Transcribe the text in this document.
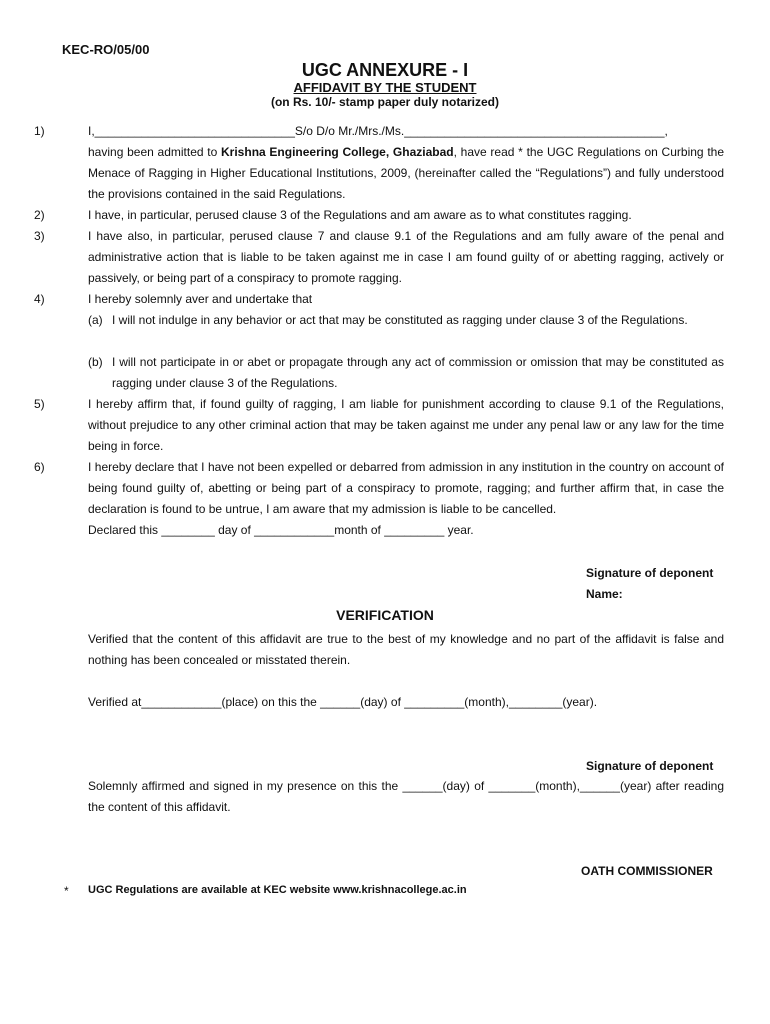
KEC-RO/05/00
UGC ANNEXURE - I
AFFIDAVIT BY THE STUDENT
(on Rs. 10/- stamp paper duly notarized)
1)	I,______________________________S/o D/o Mr./Mrs./Ms._______________________________________,
having been admitted to Krishna Engineering College, Ghaziabad, have read * the UGC Regulations on Curbing the Menace of Ragging in Higher Educational Institutions, 2009, (hereinafter called the “Regulations”) and fully understood the provisions contained in the said Regulations.
2)	I have, in particular, perused clause 3 of the Regulations and am aware as to what constitutes ragging.
3)	I have also, in particular, perused clause 7 and clause 9.1 of the Regulations and am fully aware of the penal and administrative action that is liable to be taken against me in case I am found guilty of or abetting ragging, actively or passively, or being part of a conspiracy to promote ragging.
4)	I hereby solemnly aver and undertake that
(a) I will not indulge in any behavior or act that may be constituted as ragging under clause 3 of the Regulations.
(b) I will not participate in or abet or propagate through any act of commission or omission that may be constituted as ragging under clause 3 of the Regulations.
5)	I hereby affirm that, if found guilty of ragging, I am liable for punishment according to clause 9.1 of the Regulations, without prejudice to any other criminal action that may be taken against me under any penal law or any law for the time being in force.
6)	I hereby declare that I have not been expelled or debarred from admission in any institution in the country on account of being found guilty of, abetting or being part of a conspiracy to promote, ragging; and further affirm that, in case the declaration is found to be untrue, I am aware that my admission is liable to be cancelled.
Declared this ________ day of ____________month of _________ year.
Signature of deponent
Name:
VERIFICATION
Verified that the content of this affidavit are true to the best of my knowledge and no part of the affidavit is false and nothing has been concealed or misstated therein.
Verified at____________(place) on this the ______(day) of _________(month),________(year).
Signature of deponent
Solemnly affirmed and signed in my presence on this the ______(day) of _______(month),______(year) after reading the content of this affidavit.
OATH COMMISSIONER
* UGC Regulations are available at KEC website www.krishnacollege.ac.in
